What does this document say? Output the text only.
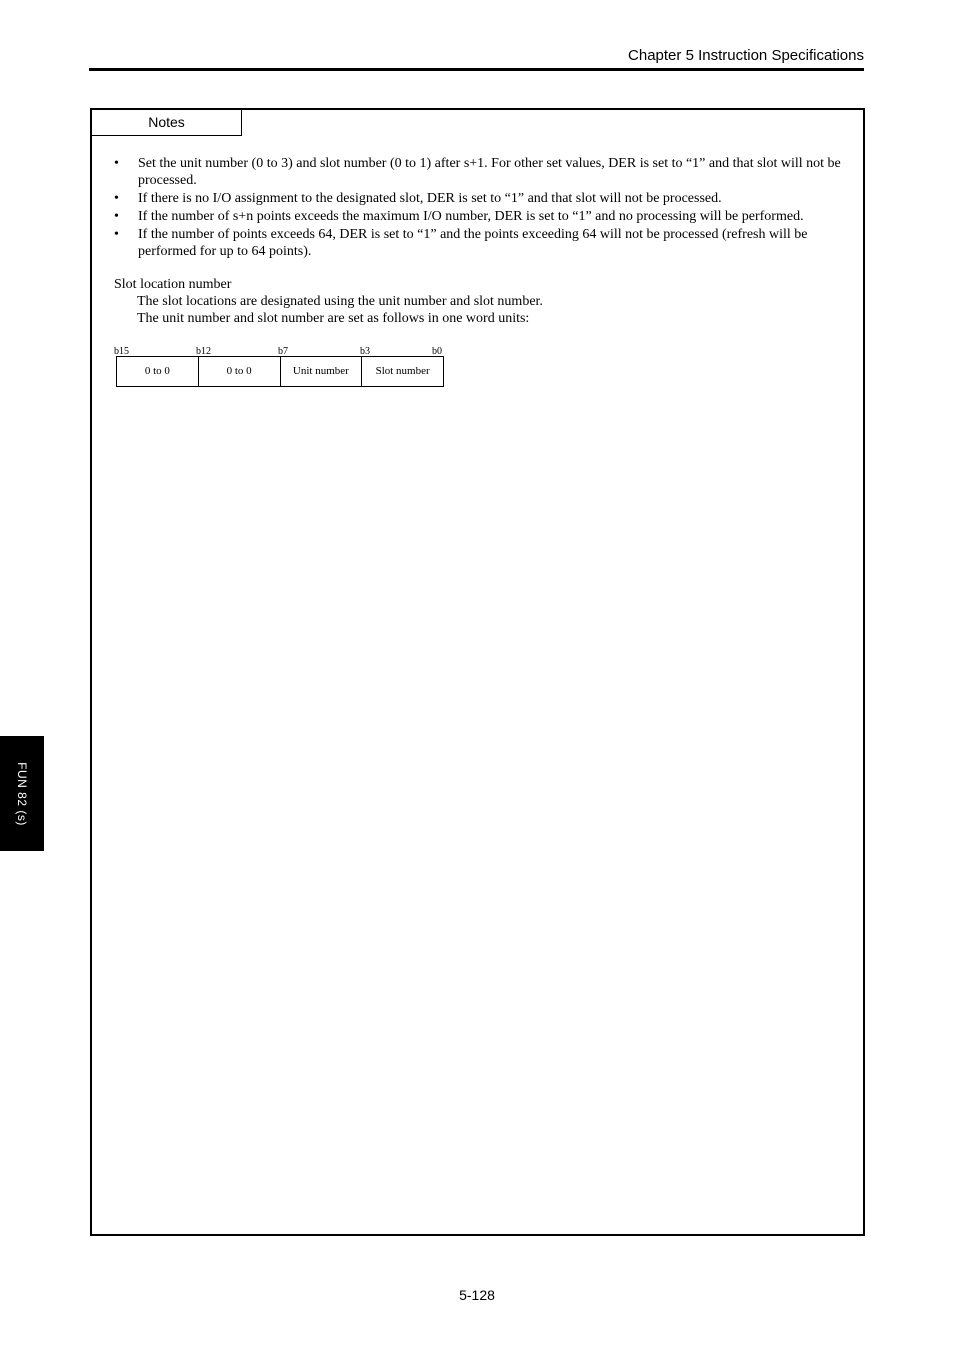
Chapter 5 Instruction Specifications
Notes
• Set the unit number (0 to 3) and slot number (0 to 1) after s+1. For other set values, DER is set to “1” and that slot will not be processed.
• If there is no I/O assignment to the designated slot, DER is set to “1” and that slot will not be processed.
• If the number of s+n points exceeds the maximum I/O number, DER is set to “1” and no processing will be performed.
• If the number of points exceeds 64, DER is set to “1” and the points exceeding 64 will not be processed (refresh will be performed for up to 64 points).
Slot location number
The slot locations are designated using the unit number and slot number.
The unit number and slot number are set as follows in one word units:
b15	b12	b7	b3	b0
0 to 0	0 to 0	Unit number	Slot number
FUN 82 (s)
5-128
